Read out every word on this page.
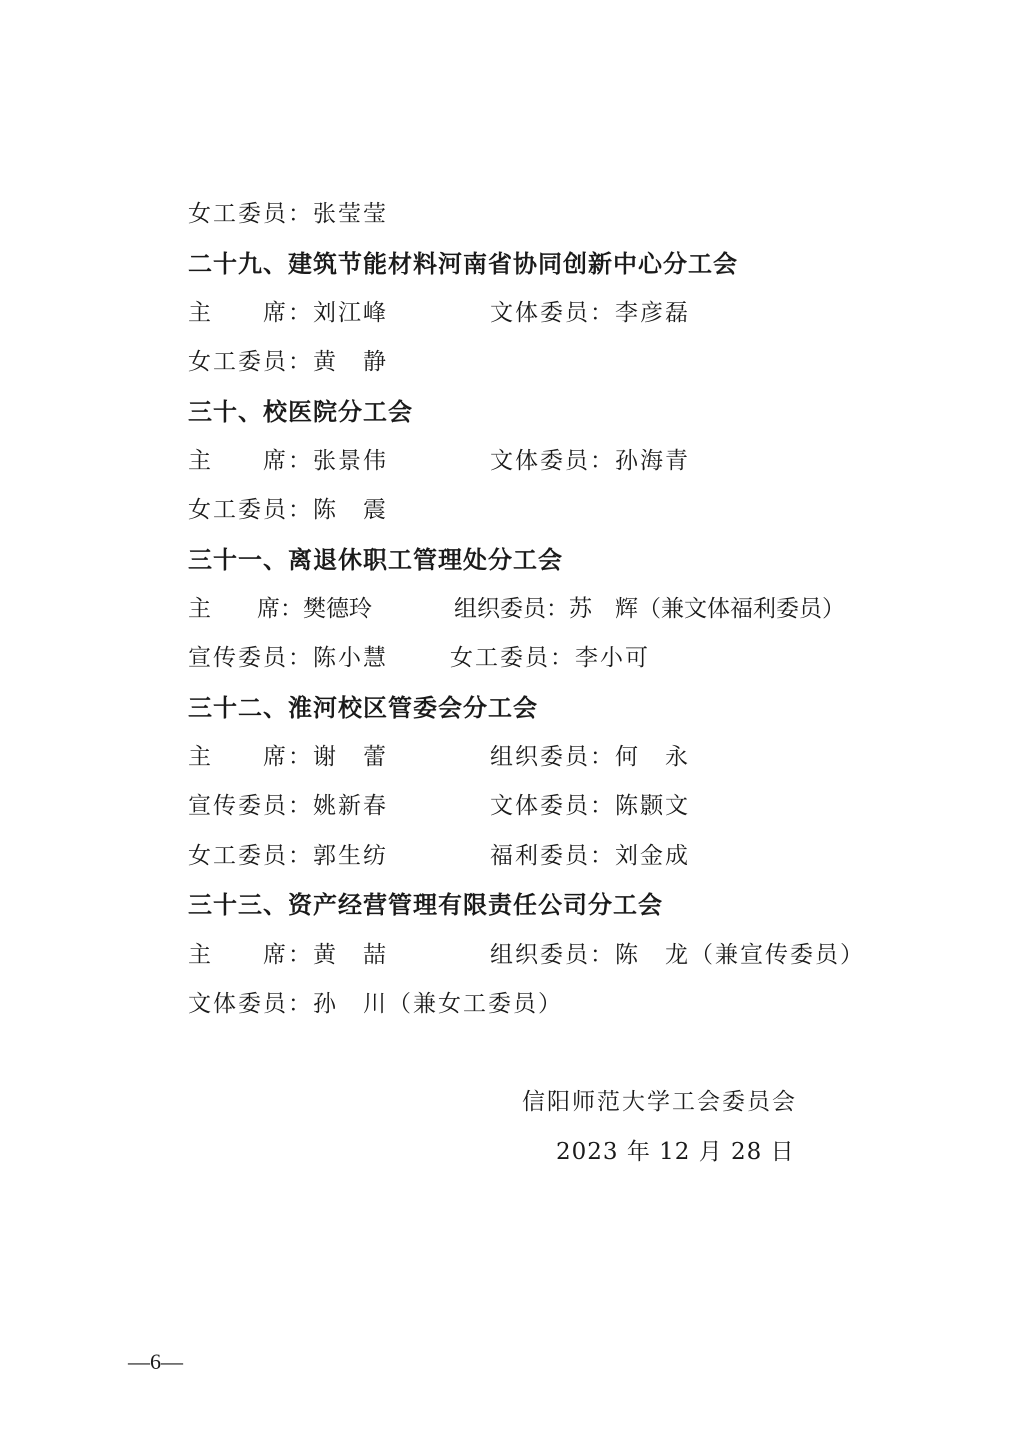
女工委员：张莹莹
二十九、建筑节能材料河南省协同创新中心分工会
主　　席：刘江峰	文体委员：李彦磊
女工委员：黄　静
三十、校医院分工会
主　　席：张景伟	文体委员：孙海青
女工委员：陈　震
三十一、离退休职工管理处分工会
主　　席：樊德玲	组织委员：苏　辉（兼文体福利委员）
宣传委员：陈小慧	女工委员：李小可
三十二、淮河校区管委会分工会
主　　席：谢　蕾	组织委员：何　永
宣传委员：姚新春	文体委员：陈颢文
女工委员：郭生纺	福利委员：刘金成
三十三、资产经营管理有限责任公司分工会
主　　席：黄　喆	组织委员：陈　龙（兼宣传委员）
文体委员：孙　川（兼女工委员）
信阳师范大学工会委员会
2023 年 12 月 28 日
—6—
